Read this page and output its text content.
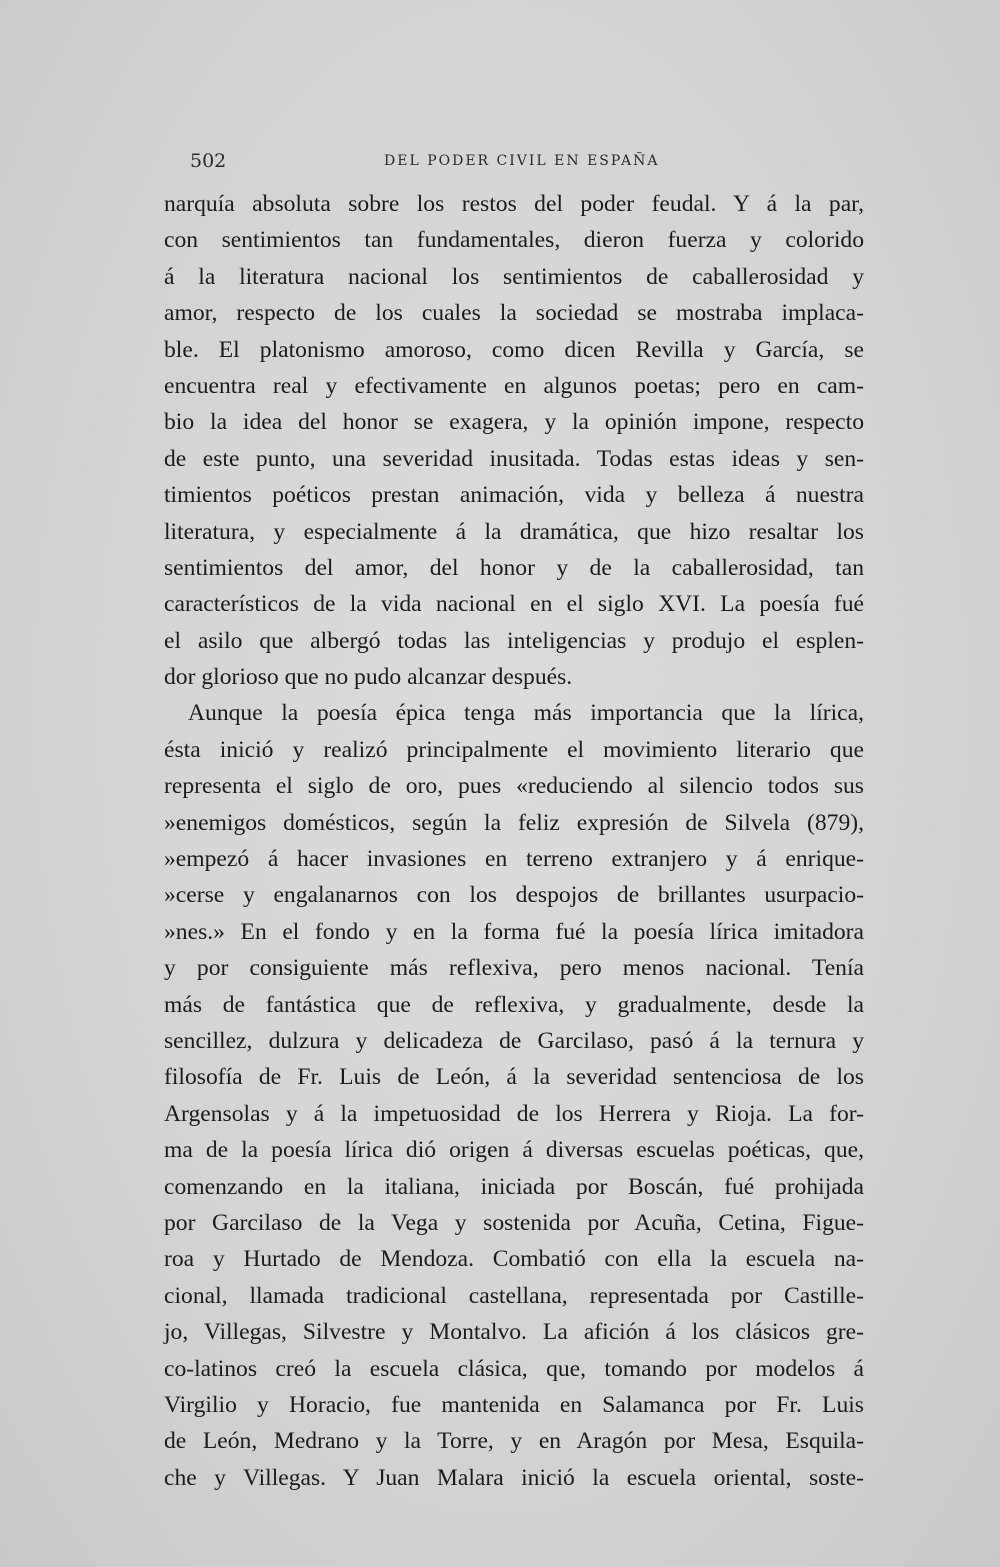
502	DEL PODER CIVIL EN ESPAÑA
narquía absoluta sobre los restos del poder feudal. Y á la par,
con sentimientos tan fundamentales, dieron fuerza y colorido
á la literatura nacional los sentimientos de caballerosidad y
amor, respecto de los cuales la sociedad se mostraba implaca-
ble. El platonismo amoroso, como dicen Revilla y García, se
encuentra real y efectivamente en algunos poetas; pero en cam-
bio la idea del honor se exagera, y la opinión impone, respecto
de este punto, una severidad inusitada. Todas estas ideas y sen-
timientos poéticos prestan animación, vida y belleza á nuestra
literatura, y especialmente á la dramática, que hizo resaltar los
sentimientos del amor, del honor y de la caballerosidad, tan
característicos de la vida nacional en el siglo XVI. La poesía fué
el asilo que albergó todas las inteligencias y produjo el esplen-
dor glorioso que no pudo alcanzar después.
Aunque la poesía épica tenga más importancia que la lírica,
ésta inició y realizó principalmente el movimiento literario que
representa el siglo de oro, pues «reduciendo al silencio todos sus
»enemigos domésticos, según la feliz expresión de Silvela (879),
»empezó á hacer invasiones en terreno extranjero y á enrique-
»cerse y engalanarnos con los despojos de brillantes usurpacio-
»nes.» En el fondo y en la forma fué la poesía lírica imitadora
y por consiguiente más reflexiva, pero menos nacional. Tenía
más de fantástica que de reflexiva, y gradualmente, desde la
sencillez, dulzura y delicadeza de Garcilaso, pasó á la ternura y
filosofía de Fr. Luis de León, á la severidad sentenciosa de los
Argensolas y á la impetuosidad de los Herrera y Rioja. La for-
ma de la poesía lírica dió origen á diversas escuelas poéticas, que,
comenzando en la italiana, iniciada por Boscán, fué prohijada
por Garcilaso de la Vega y sostenida por Acuña, Cetina, Figue-
roa y Hurtado de Mendoza. Combatió con ella la escuela na-
cional, llamada tradicional castellana, representada por Castille-
jo, Villegas, Silvestre y Montalvo. La afición á los clásicos gre-
co-latinos creó la escuela clásica, que, tomando por modelos á
Virgilio y Horacio, fue mantenida en Salamanca por Fr. Luis
de León, Medrano y la Torre, y en Aragón por Mesa, Esquila-
che y Villegas. Y Juan Malara inició la escuela oriental, soste-
